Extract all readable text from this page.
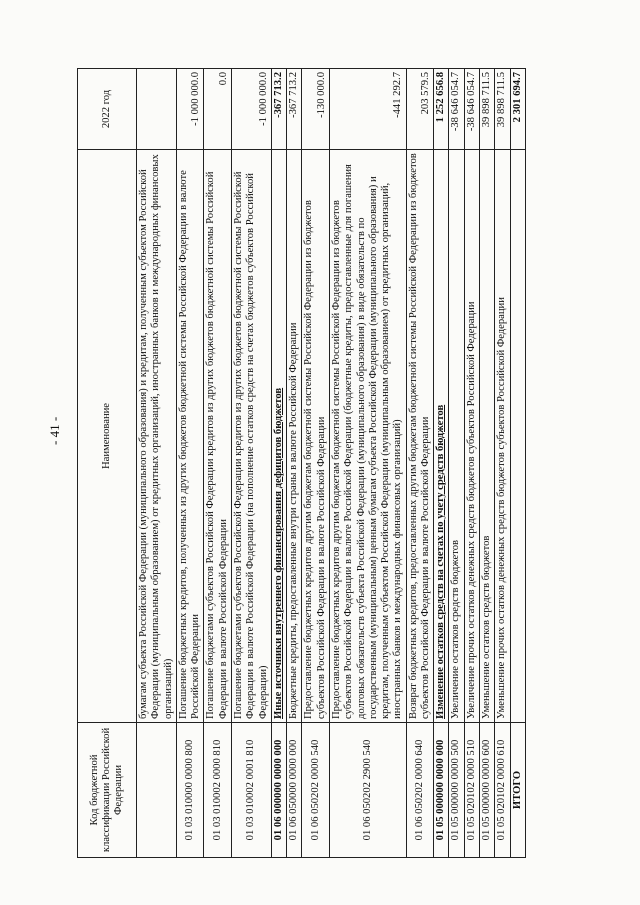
- 41 -
Код бюджетной классификации Российской Федерации	Наименование	2022 год
	бумагам субъекта Российской Федерации (муниципального образования) и кредитам, полученным субъектом Российской Федерации (муниципальным образованием) от кредитных организаций, иностранных банков и международных финансовых организаций)	
01 03 010000 0000 800	Погашение бюджетных кредитов, полученных из других бюджетов бюджетной системы Российской Федерации в валюте Российской Федерации	-1 000 000.0
01 03 010002 0000 810	Погашение бюджетами субъектов Российской Федерации кредитов из других бюджетов бюджетной системы Российской Федерации в валюте Российской Федерации	0.0
01 03 010002 0001 810	Погашение бюджетами субъектов Российской Федерации кредитов из других бюджетов бюджетной системы Российской Федерации в валюте Российской Федерации (на пополнение остатков средств на счетах бюджетов субъектов Российской Федерации)	-1 000 000.0
01 06 000000 0000 000	Иные источники внутреннего финансирования дефицитов бюджетов	-367 713.2
01 06 050000 0000 000	Бюджетные кредиты, предоставленные внутри страны в валюте Российской Федерации	-367 713.2
01 06 050202 0000 540	Предоставление бюджетных кредитов другим бюджетам бюджетной системы Российской Федерации из бюджетов субъектов Российской Федерации в валюте Российской Федерации	-130 000.0
01 06 050202 2900 540	Предоставление бюджетных кредитов другим бюджетам бюджетной системы Российской Федерации из бюджетов субъектов Российской Федерации в валюте Российской Федерации (бюджетные кредиты, предоставленные для погашения долговых обязательств субъекта Российской Федерации (муниципального образования) в виде обязательств по государственным (муниципальным) ценным бумагам субъекта Российской Федерации (муниципального образования) и кредитам, полученным субъектом Российской Федерации (муниципальным образованием) от кредитных организаций, иностранных банков и международных финансовых организаций)	-441 292.7
01 06 050202 0000 640	Возврат бюджетных кредитов, предоставленных другим бюджетам бюджетной системы Российской Федерации из бюджетов субъектов Российской Федерации в валюте Российской Федерации	203 579.5
01 05 000000 0000 000	Изменение остатков средств на счетах по учету средств бюджетов	1 252 656.8
01 05 000000 0000 500	Увеличение остатков средств бюджетов	-38 646 054.7
01 05 020102 0000 510	Увеличение прочих остатков денежных средств бюджетов субъектов Российской Федерации	-38 646 054.7
01 05 000000 0000 600	Уменьшение остатков средств бюджетов	39 898 711.5
01 05 020102 0000 610	Уменьшение прочих остатков денежных средств бюджетов субъектов Российской Федерации	39 898 711.5
ИТОГО		2 301 694.7
